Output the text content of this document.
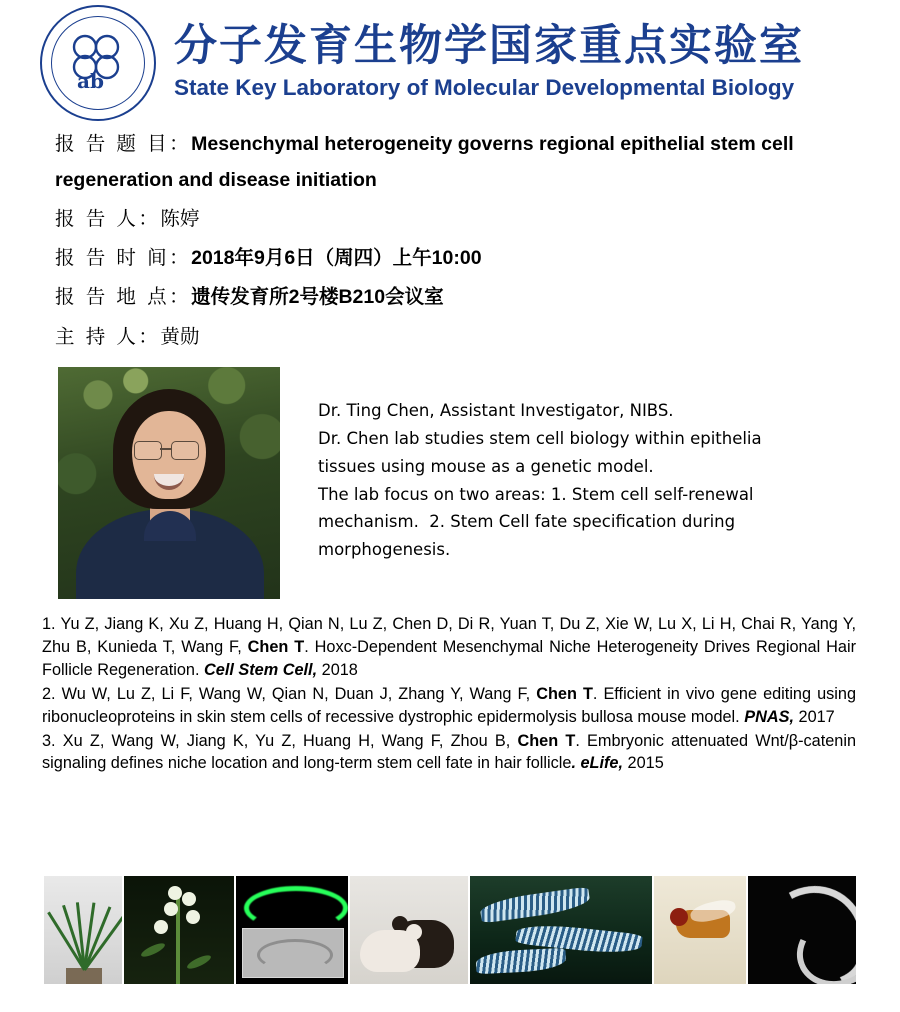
ab
分子发育生物学国家重点实验室
State Key Laboratory of Molecular Developmental Biology
报 告 题 目：Mesenchymal heterogeneity governs regional epithelial stem cell
regeneration and disease initiation
报 告 人：陈婷
报 告 时 间：2018年9月6日（周四）上午10:00
报 告 地 点：遗传发育所2号楼B210会议室
主 持 人：黄勋
Dr. Ting Chen, Assistant Investigator, NIBS.
Dr. Chen lab studies stem cell biology within epithelia
tissues using mouse as a genetic model.
The lab focus on two areas: 1. Stem cell self-renewal
mechanism.  2. Stem Cell fate specification during
morphogenesis.
1. Yu Z, Jiang K, Xu Z, Huang H, Qian N, Lu Z, Chen D, Di R, Yuan T, Du Z, Xie W, Lu X, Li H, Chai R, Yang Y, Zhu B, Kunieda T, Wang F, Chen T. Hoxc-Dependent Mesenchymal Niche Heterogeneity Drives Regional Hair Follicle Regeneration. Cell Stem Cell, 2018
2. Wu W, Lu Z, Li F, Wang W, Qian N, Duan J, Zhang Y, Wang F, Chen T. Efficient in vivo gene editing using ribonucleoproteins in skin stem cells of recessive dystrophic epidermolysis bullosa mouse model. PNAS, 2017
3. Xu Z, Wang W, Jiang K, Yu Z, Huang H, Wang F, Zhou B, Chen T. Embryonic attenuated Wnt/β-catenin signaling defines niche location and long-term stem cell fate in hair follicle. eLife, 2015
